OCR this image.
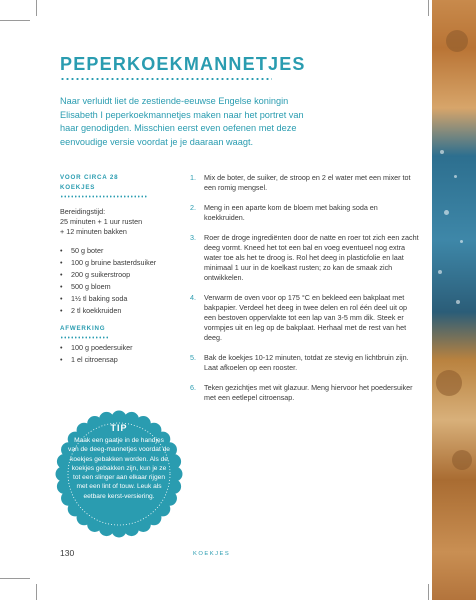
PEPERKOEKMANNETJES

Naar verluidt liet de zestiende-eeuwse Engelse koningin Elisabeth I peperkoekmannetjes maken naar het portret van haar genodigden. Misschien eerst even oefenen met deze eenvoudige versie voordat je je daaraan waagt.

VOOR CIRCA 28 KOEKJES
Bereidingstijd:
25 minuten + 1 uur rusten
+ 12 minuten bakken
• 50 g boter
• 100 g bruine basterdsuiker
• 200 g suikerstroop
• 500 g bloem
• 1½ tl baking soda
• 2 tl koekkruiden
AFWERKING
• 100 g poedersuiker
• 1 el citroensap
1. Mix de boter, de suiker, de stroop en 2 el water met een mixer tot een romig mengsel.
2. Meng in een aparte kom de bloem met baking soda en koekkruiden.
3. Roer de droge ingrediënten door de natte en roer tot zich een zacht deeg vormt. Kneed het tot een bal en voeg eventueel nog extra water toe als het te droog is. Rol het deeg in plasticfolie en laat minimaal 1 uur in de koelkast rusten; zo kan de smaak zich ontwikkelen.
4. Verwarm de oven voor op 175 °C en bekleed een bakplaat met bakpapier. Verdeel het deeg in twee delen en rol één deel uit op een bestoven oppervlakte tot een lap van 3-5 mm dik. Steek er vormpjes uit en leg op de bakplaat. Herhaal met de rest van het deeg.
5. Bak de koekjes 10-12 minuten, totdat ze stevig en lichtbruin zijn. Laat afkoelen op een rooster.
6. Teken gezichtjes met wit glazuur. Meng hiervoor het poedersuiker met een eetlepel citroensap.
TIP
Maak een gaatje in de handjes van de deeg-mannetjes voordat de koekjes gebakken worden. Als de koekjes gebakken zijn, kun je ze tot een slinger aan elkaar rijgen met een lint of touw. Leuk als eetbare kerst-versiering.
130	KOEKJES
